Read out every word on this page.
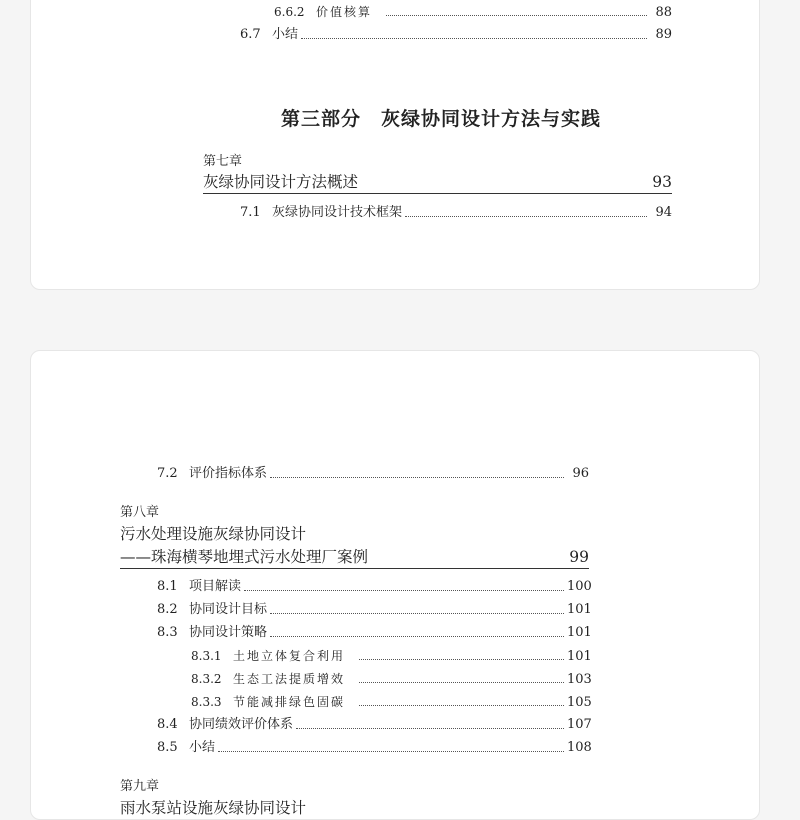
6.6.2 价值核算	88
6.7 小结	89
第三部分　灰绿协同设计方法与实践
第七章
灰绿协同设计方法概述	93
7.1 灰绿协同设计技术框架	94
7.2 评价指标体系	96
第八章
污水处理设施灰绿协同设计
——珠海横琴地埋式污水处理厂案例	99
8.1 项目解读	100
8.2 协同设计目标	101
8.3 协同设计策略	101
8.3.1 土地立体复合利用	101
8.3.2 生态工法提质增效	103
8.3.3 节能减排绿色固碳	105
8.4 协同绩效评价体系	107
8.5 小结	108
第九章
雨水泵站设施灰绿协同设计
